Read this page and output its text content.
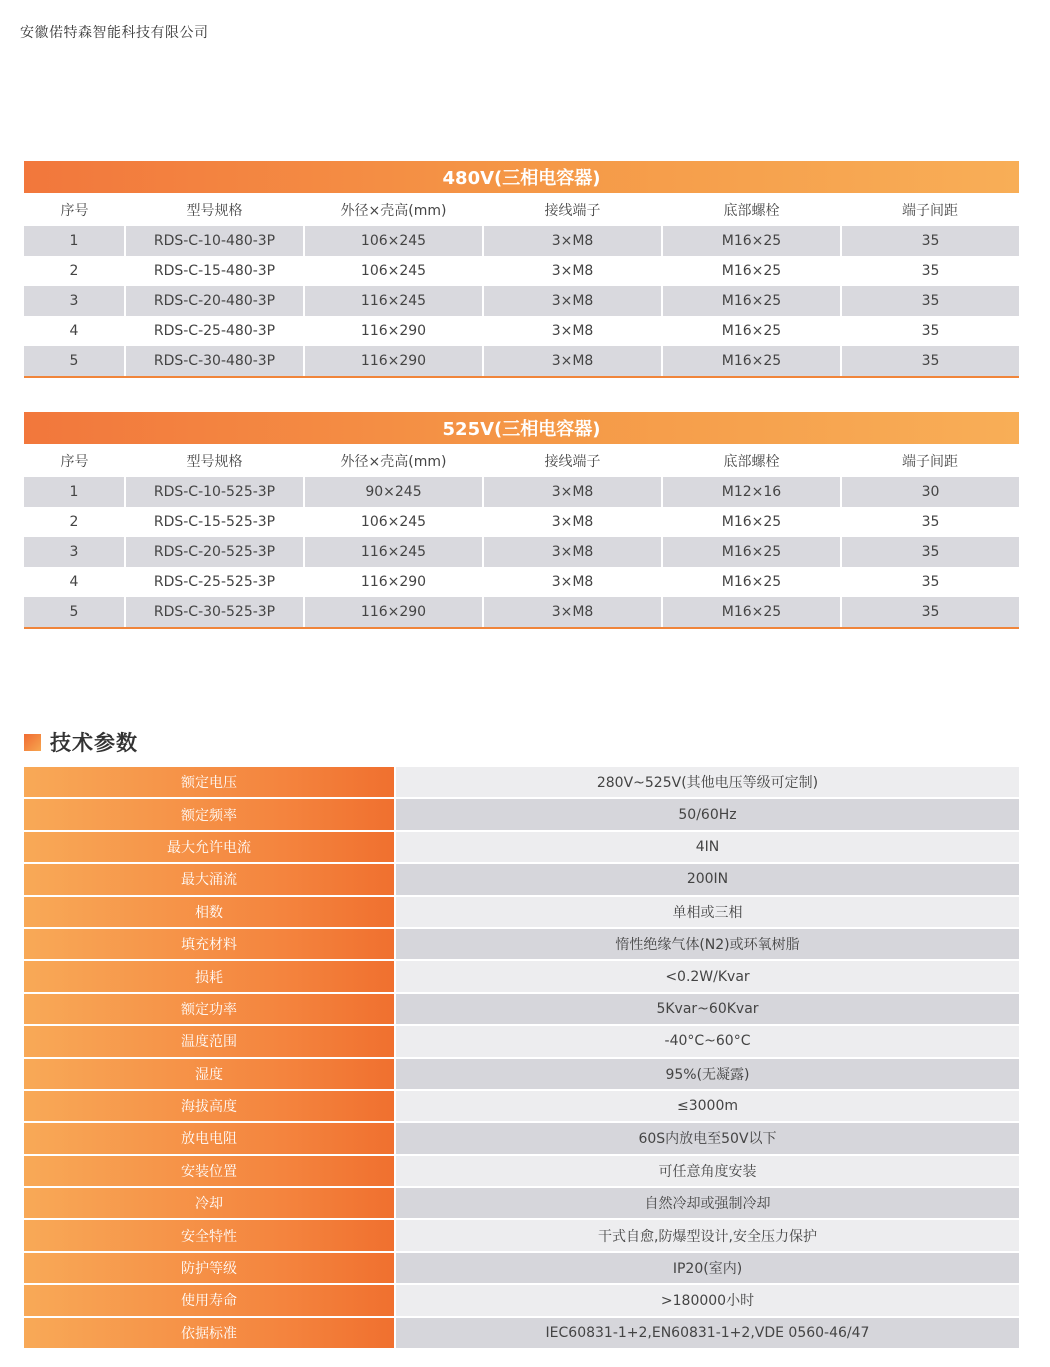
安徽偌特森智能科技有限公司
480V(三相电容器)					
序号	型号规格	外径×壳高(mm)	接线端子	底部螺栓	端子间距
1	RDS-C-10-480-3P	106×245	3×M8	M16×25	35
2	RDS-C-15-480-3P	106×245	3×M8	M16×25	35
3	RDS-C-20-480-3P	116×245	3×M8	M16×25	35
4	RDS-C-25-480-3P	116×290	3×M8	M16×25	35
5	RDS-C-30-480-3P	116×290	3×M8	M16×25	35
525V(三相电容器)					
序号	型号规格	外径×壳高(mm)	接线端子	底部螺栓	端子间距
1	RDS-C-10-525-3P	90×245	3×M8	M12×16	30
2	RDS-C-15-525-3P	106×245	3×M8	M16×25	35
3	RDS-C-20-525-3P	116×245	3×M8	M16×25	35
4	RDS-C-25-525-3P	116×290	3×M8	M16×25	35
5	RDS-C-30-525-3P	116×290	3×M8	M16×25	35
技术参数
额定电压	280V~525V(其他电压等级可定制)
额定频率	50/60Hz
最大允许电流	4IN
最大涌流	200IN
相数	单相或三相
填充材料	惰性绝缘气体(N2)或环氧树脂
损耗	<0.2W/Kvar
额定功率	5Kvar~60Kvar
温度范围	-40°C~60°C
湿度	95%(无凝露)
海拔高度	≤3000m
放电电阻	60S内放电至50V以下
安装位置	可任意角度安装
冷却	自然冷却或强制冷却
安全特性	干式自愈,防爆型设计,安全压力保护
防护等级	IP20(室内)
使用寿命	>180000小时
依据标准	IEC60831-1+2,EN60831-1+2,VDE 0560-46/47
